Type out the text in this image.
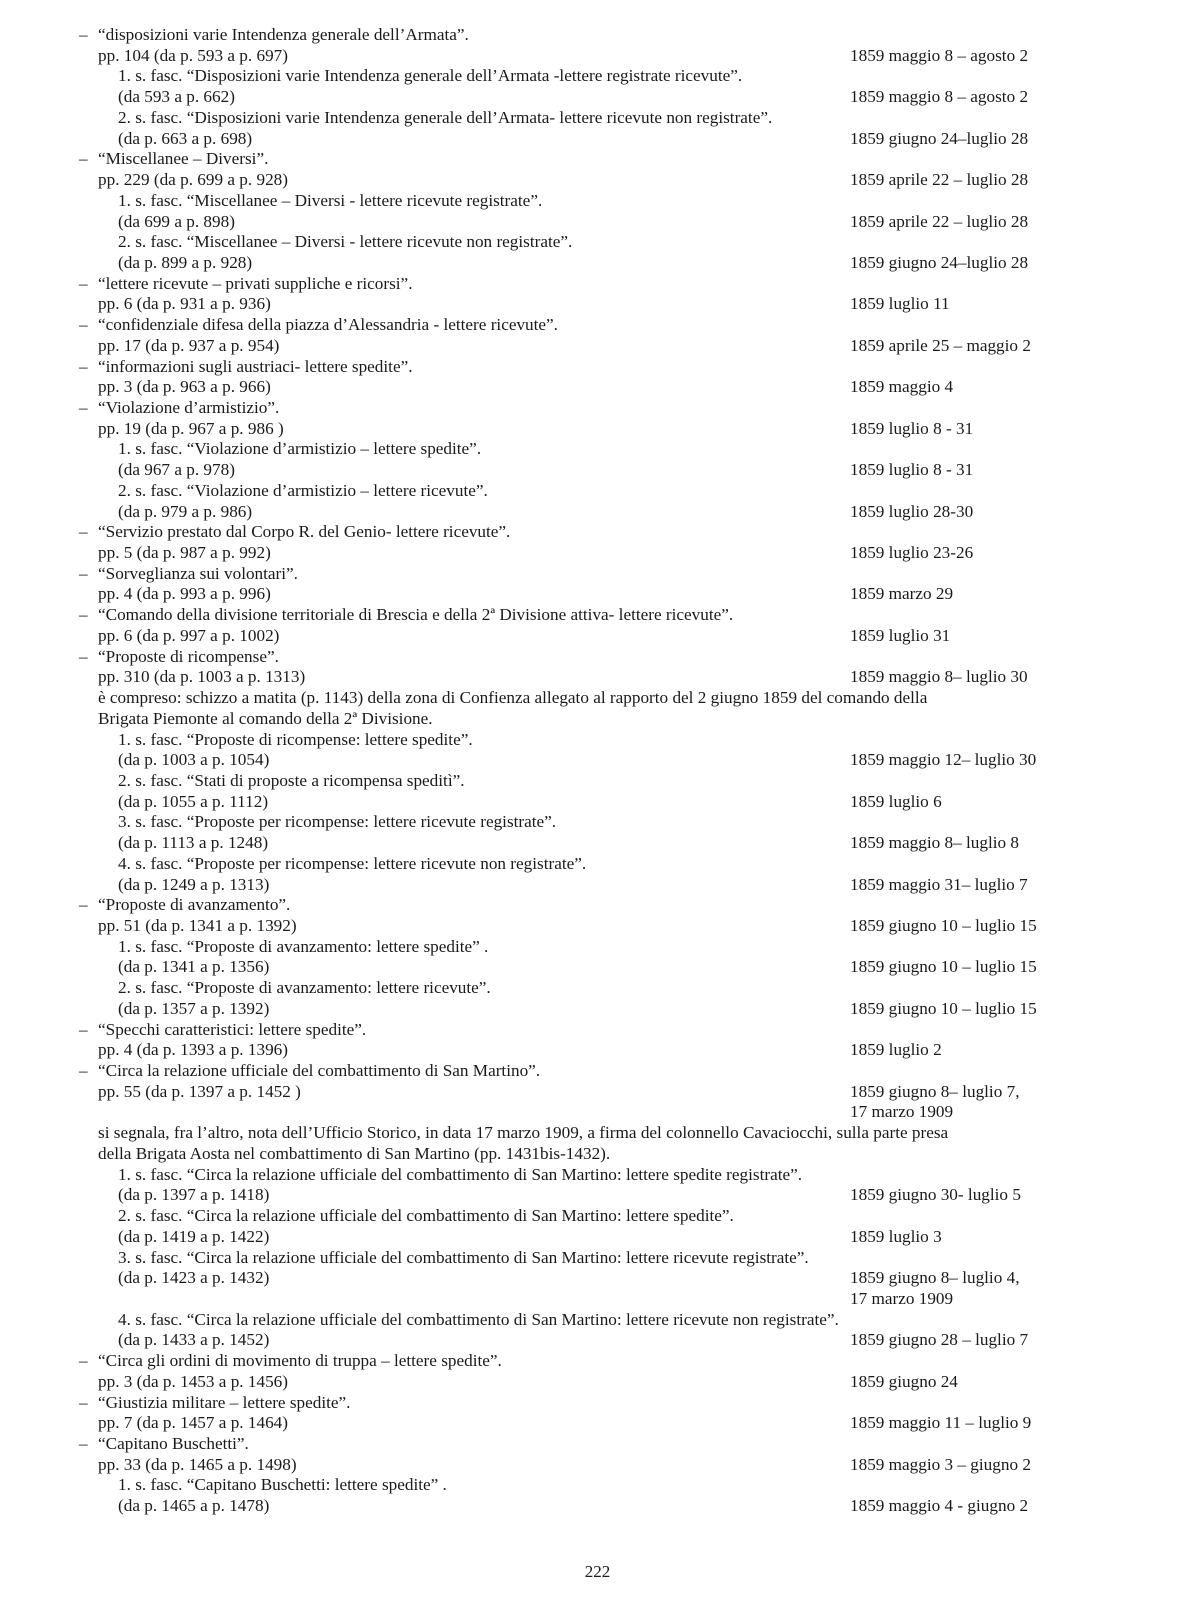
– “disposizioni varie Intendenza generale dell’Armata”.
pp. 104 (da p. 593 a p. 697)	1859 maggio 8 – agosto 2
1. s. fasc. “Disposizioni varie Intendenza generale dell’Armata -lettere registrate ricevute”.
(da 593 a p. 662)	1859 maggio 8 – agosto 2
2. s. fasc. “Disposizioni varie Intendenza generale dell’Armata- lettere ricevute non registrate”.
(da p. 663 a p. 698)	1859 giugno 24–luglio 28
– “Miscellanee – Diversi”.
pp. 229 (da p. 699 a p. 928)	1859 aprile 22 – luglio 28
1. s. fasc. “Miscellanee – Diversi - lettere ricevute registrate”.
(da 699 a p. 898)	1859 aprile 22 – luglio 28
2. s. fasc. “Miscellanee – Diversi - lettere ricevute non registrate”.
(da p. 899 a p. 928)	1859 giugno 24–luglio 28
– “lettere ricevute – privati suppliche e ricorsi”.
pp. 6 (da p. 931 a p. 936)	1859 luglio 11
– “confidenziale difesa della piazza d’Alessandria - lettere ricevute”.
pp. 17 (da p. 937 a p. 954)	1859 aprile 25 – maggio 2
– “informazioni sugli austriaci- lettere spedite”.
pp. 3 (da p. 963 a p. 966)	1859 maggio 4
– “Violazione d’armistizio”.
pp. 19 (da p. 967 a p. 986 )	1859 luglio 8 - 31
1. s. fasc. “Violazione d’armistizio – lettere spedite”.
(da 967 a p. 978)	1859 luglio 8 - 31
2. s. fasc. “Violazione d’armistizio – lettere ricevute”.
(da p. 979 a p. 986)	1859 luglio 28-30
– “Servizio prestato dal Corpo R. del Genio- lettere ricevute”.
pp. 5 (da p. 987 a p. 992)	1859 luglio 23-26
– “Sorveglianza sui volontari”.
pp. 4 (da p. 993 a p. 996)	1859 marzo 29
– “Comando della divisione territoriale di Brescia e della 2ª Divisione attiva- lettere ricevute”.
pp. 6 (da p. 997 a p. 1002)	1859 luglio 31
– “Proposte di ricompense”.
pp. 310 (da p. 1003 a p. 1313)	1859 maggio 8– luglio 30
è compreso: schizzo a matita (p. 1143) della zona di Confienza allegato al rapporto del 2 giugno 1859 del comando della
Brigata Piemonte al comando della 2ª Divisione.
1. s. fasc. “Proposte di ricompense: lettere spedite”.
(da p. 1003 a p. 1054)	1859 maggio 12– luglio 30
2. s. fasc. “Stati di proposte a ricompensa speditì”.
(da p. 1055 a p. 1112)	1859 luglio 6
3. s. fasc. “Proposte per ricompense: lettere ricevute registrate”.
(da p. 1113 a p. 1248)	1859 maggio 8– luglio 8
4. s. fasc. “Proposte per ricompense: lettere ricevute non registrate”.
(da p. 1249 a p. 1313)	1859 maggio 31– luglio 7
– “Proposte di avanzamento”.
pp. 51 (da p. 1341 a p. 1392)	1859 giugno 10 – luglio 15
1. s. fasc. “Proposte di avanzamento: lettere spedite” .
(da p. 1341 a p. 1356)	1859 giugno 10 – luglio 15
2. s. fasc. “Proposte di avanzamento: lettere ricevute”.
(da p. 1357 a p. 1392)	1859 giugno 10 – luglio 15
– “Specchi caratteristici: lettere spedite”.
pp. 4 (da p. 1393 a p. 1396)	1859 luglio 2
– “Circa la relazione ufficiale del combattimento di San Martino”.
pp. 55 (da p. 1397 a p. 1452 )	1859 giugno 8– luglio 7,
17 marzo 1909
si segnala, fra l’altro, nota dell’Ufficio Storico, in data 17 marzo 1909, a firma del colonnello Cavaciocchi, sulla parte presa
della Brigata Aosta nel combattimento di San Martino (pp. 1431bis-1432).
1. s. fasc. “Circa la relazione ufficiale del combattimento di San Martino: lettere spedite registrate”.
(da p. 1397 a p. 1418)	1859 giugno 30- luglio 5
2. s. fasc. “Circa la relazione ufficiale del combattimento di San Martino: lettere spedite”.
(da p. 1419 a p. 1422)	1859 luglio 3
3. s. fasc. “Circa la relazione ufficiale del combattimento di San Martino: lettere ricevute registrate”.
(da p. 1423 a p. 1432)	1859 giugno 8– luglio 4,
17 marzo 1909
4. s. fasc. “Circa la relazione ufficiale del combattimento di San Martino: lettere ricevute non registrate”.
(da p. 1433 a p. 1452)	1859 giugno 28 – luglio 7
– “Circa gli ordini di movimento di truppa – lettere spedite”.
pp. 3 (da p. 1453 a p. 1456)	1859 giugno 24
– “Giustizia militare – lettere spedite”.
pp. 7 (da p. 1457 a p. 1464)	1859 maggio 11 – luglio 9
– “Capitano Buschetti”.
pp. 33 (da p. 1465 a p. 1498)	1859 maggio 3 – giugno 2
1. s. fasc. “Capitano Buschetti: lettere spedite” .
(da p. 1465 a p. 1478)	1859 maggio 4 - giugno 2
222
